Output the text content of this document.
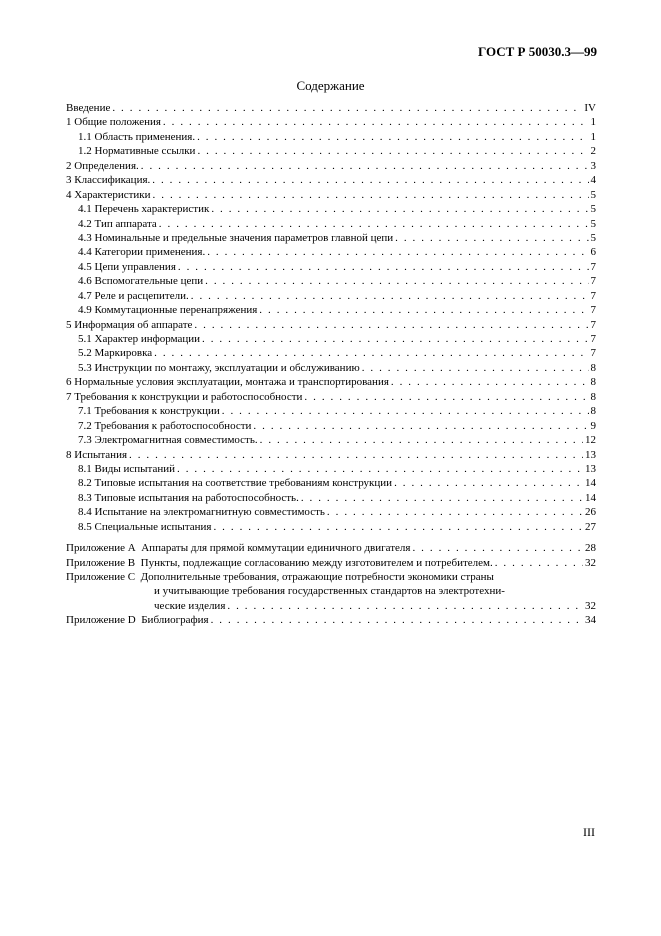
ГОСТ Р 50030.3—99
Содержание
Введение . . .	IV
1 Общие положения . . .	1
1.1 Область применения. . . .	1
1.2 Нормативные ссылки . . .	2
2 Определения. . . .	3
3 Классификация. . . .	4
4 Характеристики . . .	5
4.1 Перечень характеристик . . .	5
4.2 Тип аппарата . . .	5
4.3 Номинальные и предельные значения параметров главной цепи . . .	5
4.4 Категории применения. . . .	6
4.5 Цепи управления . . .	7
4.6 Вспомогательные цепи . . .	7
4.7 Реле и расцепители. . . .	7
4.9 Коммутационные перенапряжения . . .	7
5 Информация об аппарате . . .	7
5.1 Характер информации . . .	7
5.2 Маркировка . . .	7
5.3 Инструкции по монтажу, эксплуатации и обслуживанию . . .	8
6 Нормальные условия эксплуатации, монтажа и транспортирования . . .	8
7 Требования к конструкции и работоспособности . . .	8
7.1 Требования к конструкции . . .	8
7.2 Требования к работоспособности . . .	9
7.3 Электромагнитная совместимость. . . .	12
8 Испытания . . .	13
8.1 Виды испытаний . . .	13
8.2 Типовые испытания на соответствие требованиям конструкции . . .	14
8.3 Типовые испытания на работоспособность. . . .	14
8.4 Испытание на электромагнитную совместимость . . .	26
8.5 Специальные испытания . . .	27
Приложение A Аппараты для прямой коммутации единичного двигателя . . .	28
Приложение B Пункты, подлежащие согласованию между изготовителем и потребителем. . . .	32
Приложение C Дополнительные требования, отражающие потребности экономики страны
и учитывающие требования государственных стандартов на электротехни-
ческие изделия . . .	32
Приложение D Библиография . . .	34
III
